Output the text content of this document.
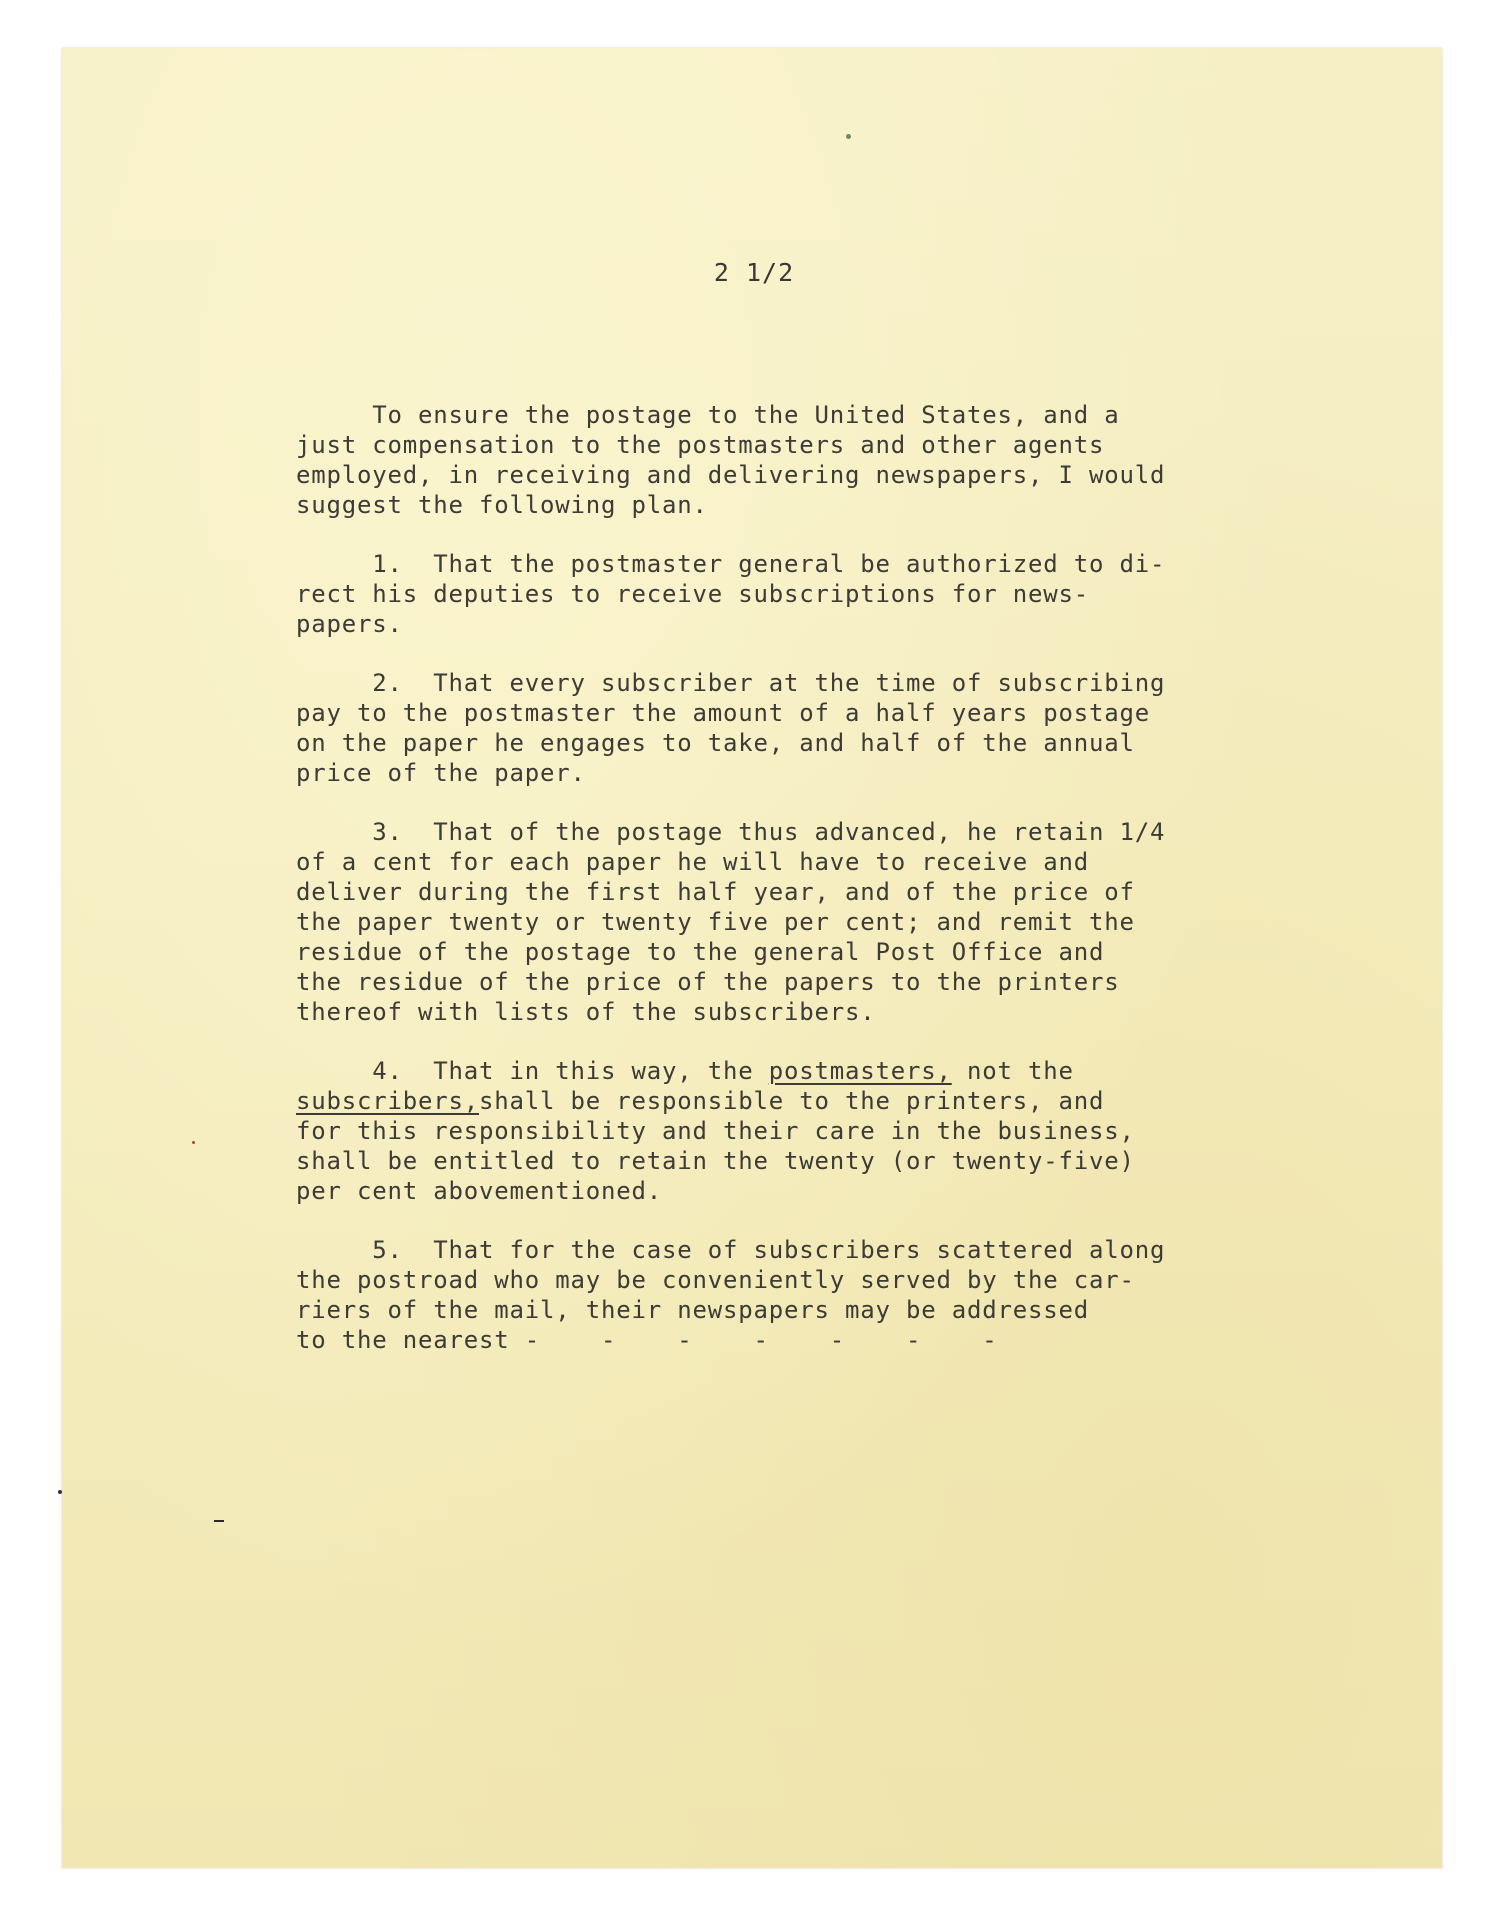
2 1/2
To ensure the postage to the United States, and a
just compensation to the postmasters and other agents
employed, in receiving and delivering newspapers, I would
suggest the following plan.
1.  That the postmaster general be authorized to di-
rect his deputies to receive subscriptions for news-
papers.
2.  That every subscriber at the time of subscribing
pay to the postmaster the amount of a half years postage
on the paper he engages to take, and half of the annual
price of the paper.
3.  That of the postage thus advanced, he retain 1/4
of a cent for each paper he will have to receive and
deliver during the first half year, and of the price of
the paper twenty or twenty five per cent; and remit the
residue of the postage to the general Post Office and
the residue of the price of the papers to the printers
thereof with lists of the subscribers.
4.  That in this way, the postmasters, not the
subscribers,shall be responsible to the printers, and
for this responsibility and their care in the business,
shall be entitled to retain the twenty (or twenty-five)
per cent abovementioned.
5.  That for the case of subscribers scattered along
the postroad who may be conveniently served by the car-
riers of the mail, their newspapers may be addressed
to the nearest -    -    -    -    -    -    -
